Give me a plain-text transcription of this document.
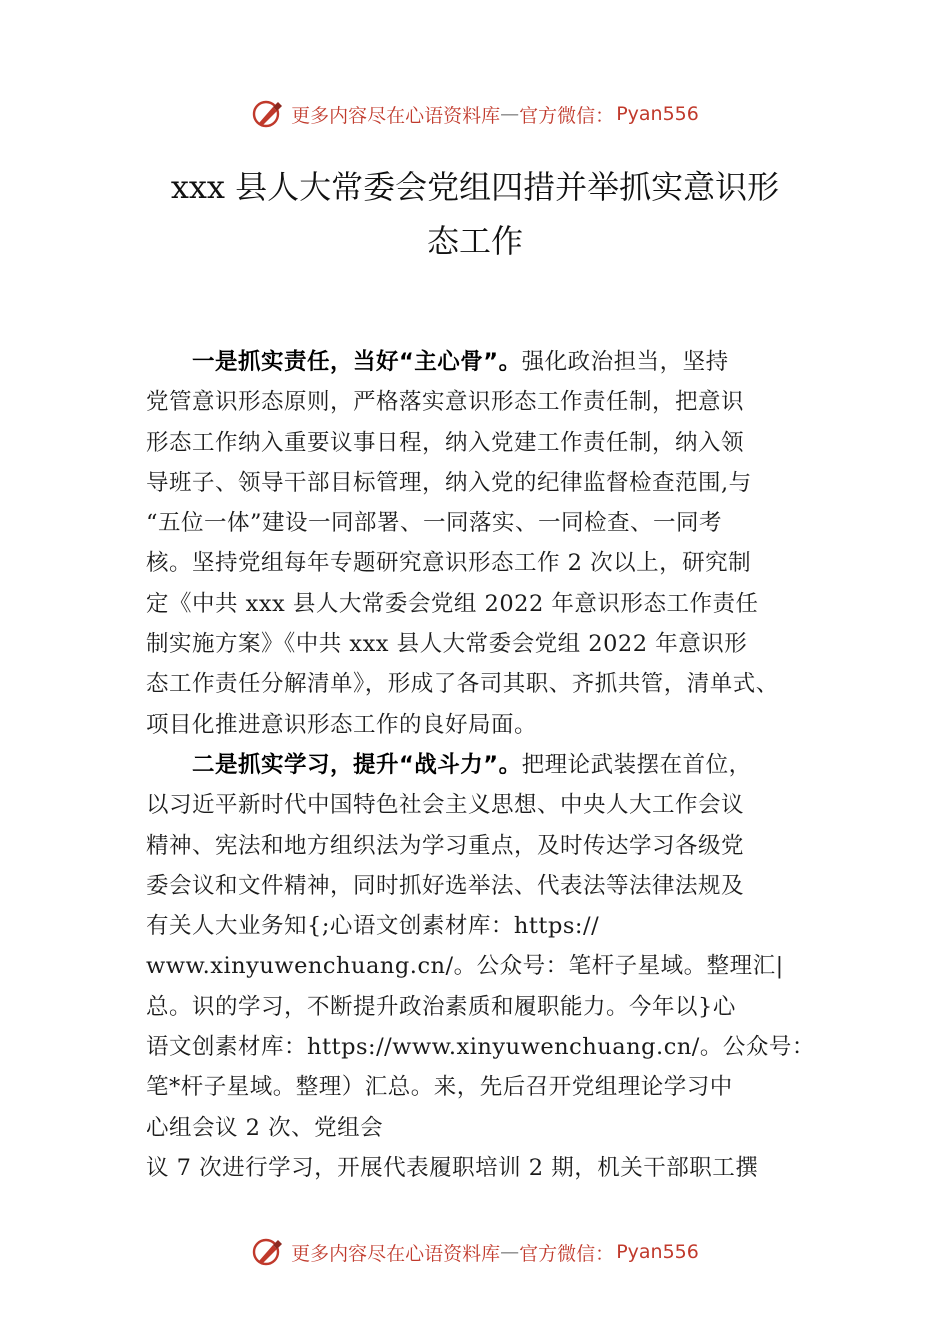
更多内容尽在心语资料库 — 官方微信： Pyan556
xxx 县人大常委会党组四措并举抓实意识形
态工作

一是抓实责任，当好“主心骨”。强化政治担当，坚持
党管意识形态原则，严格落实意识形态工作责任制，把意识
形态工作纳入重要议事日程，纳入党建工作责任制，纳入领
导班子、领导干部目标管理，纳入党的纪律监督检查范围,与
“五位一体”建设一同部署、一同落实、一同检查、一同考
核。坚持党组每年专题研究意识形态工作 2 次以上，研究制
定《中共 xxx 县人大常委会党组 2022 年意识形态工作责任
制实施方案》《中共 xxx 县人大常委会党组 2022 年意识形
态工作责任分解清单》，形成了各司其职、齐抓共管，清单式、
项目化推进意识形态工作的良好局面。

二是抓实学习，提升“战斗力”。把理论武装摆在首位，
以习近平新时代中国特色社会主义思想、中央人大工作会议
精神、宪法和地方组织法为学习重点，及时传达学习各级党
委会议和文件精神，同时抓好选举法、代表法等法律法规及
有关人大业务知{;心语文创素材库：https://
www.xinyuwenchuang.cn/。公众号：笔杆子星域。整理汇|
总。识的学习，不断提升政治素质和履职能力。今年以}心
语文创素材库：https://www.xinyuwenchuang.cn/。公众号：
笔*杆子星域。整理）汇总。来，先后召开党组理论学习中
心组会议 2 次、党组会
议 7 次进行学习，开展代表履职培训 2 期，机关干部职工撰

更多内容尽在心语资料库 — 官方微信： Pyan556
